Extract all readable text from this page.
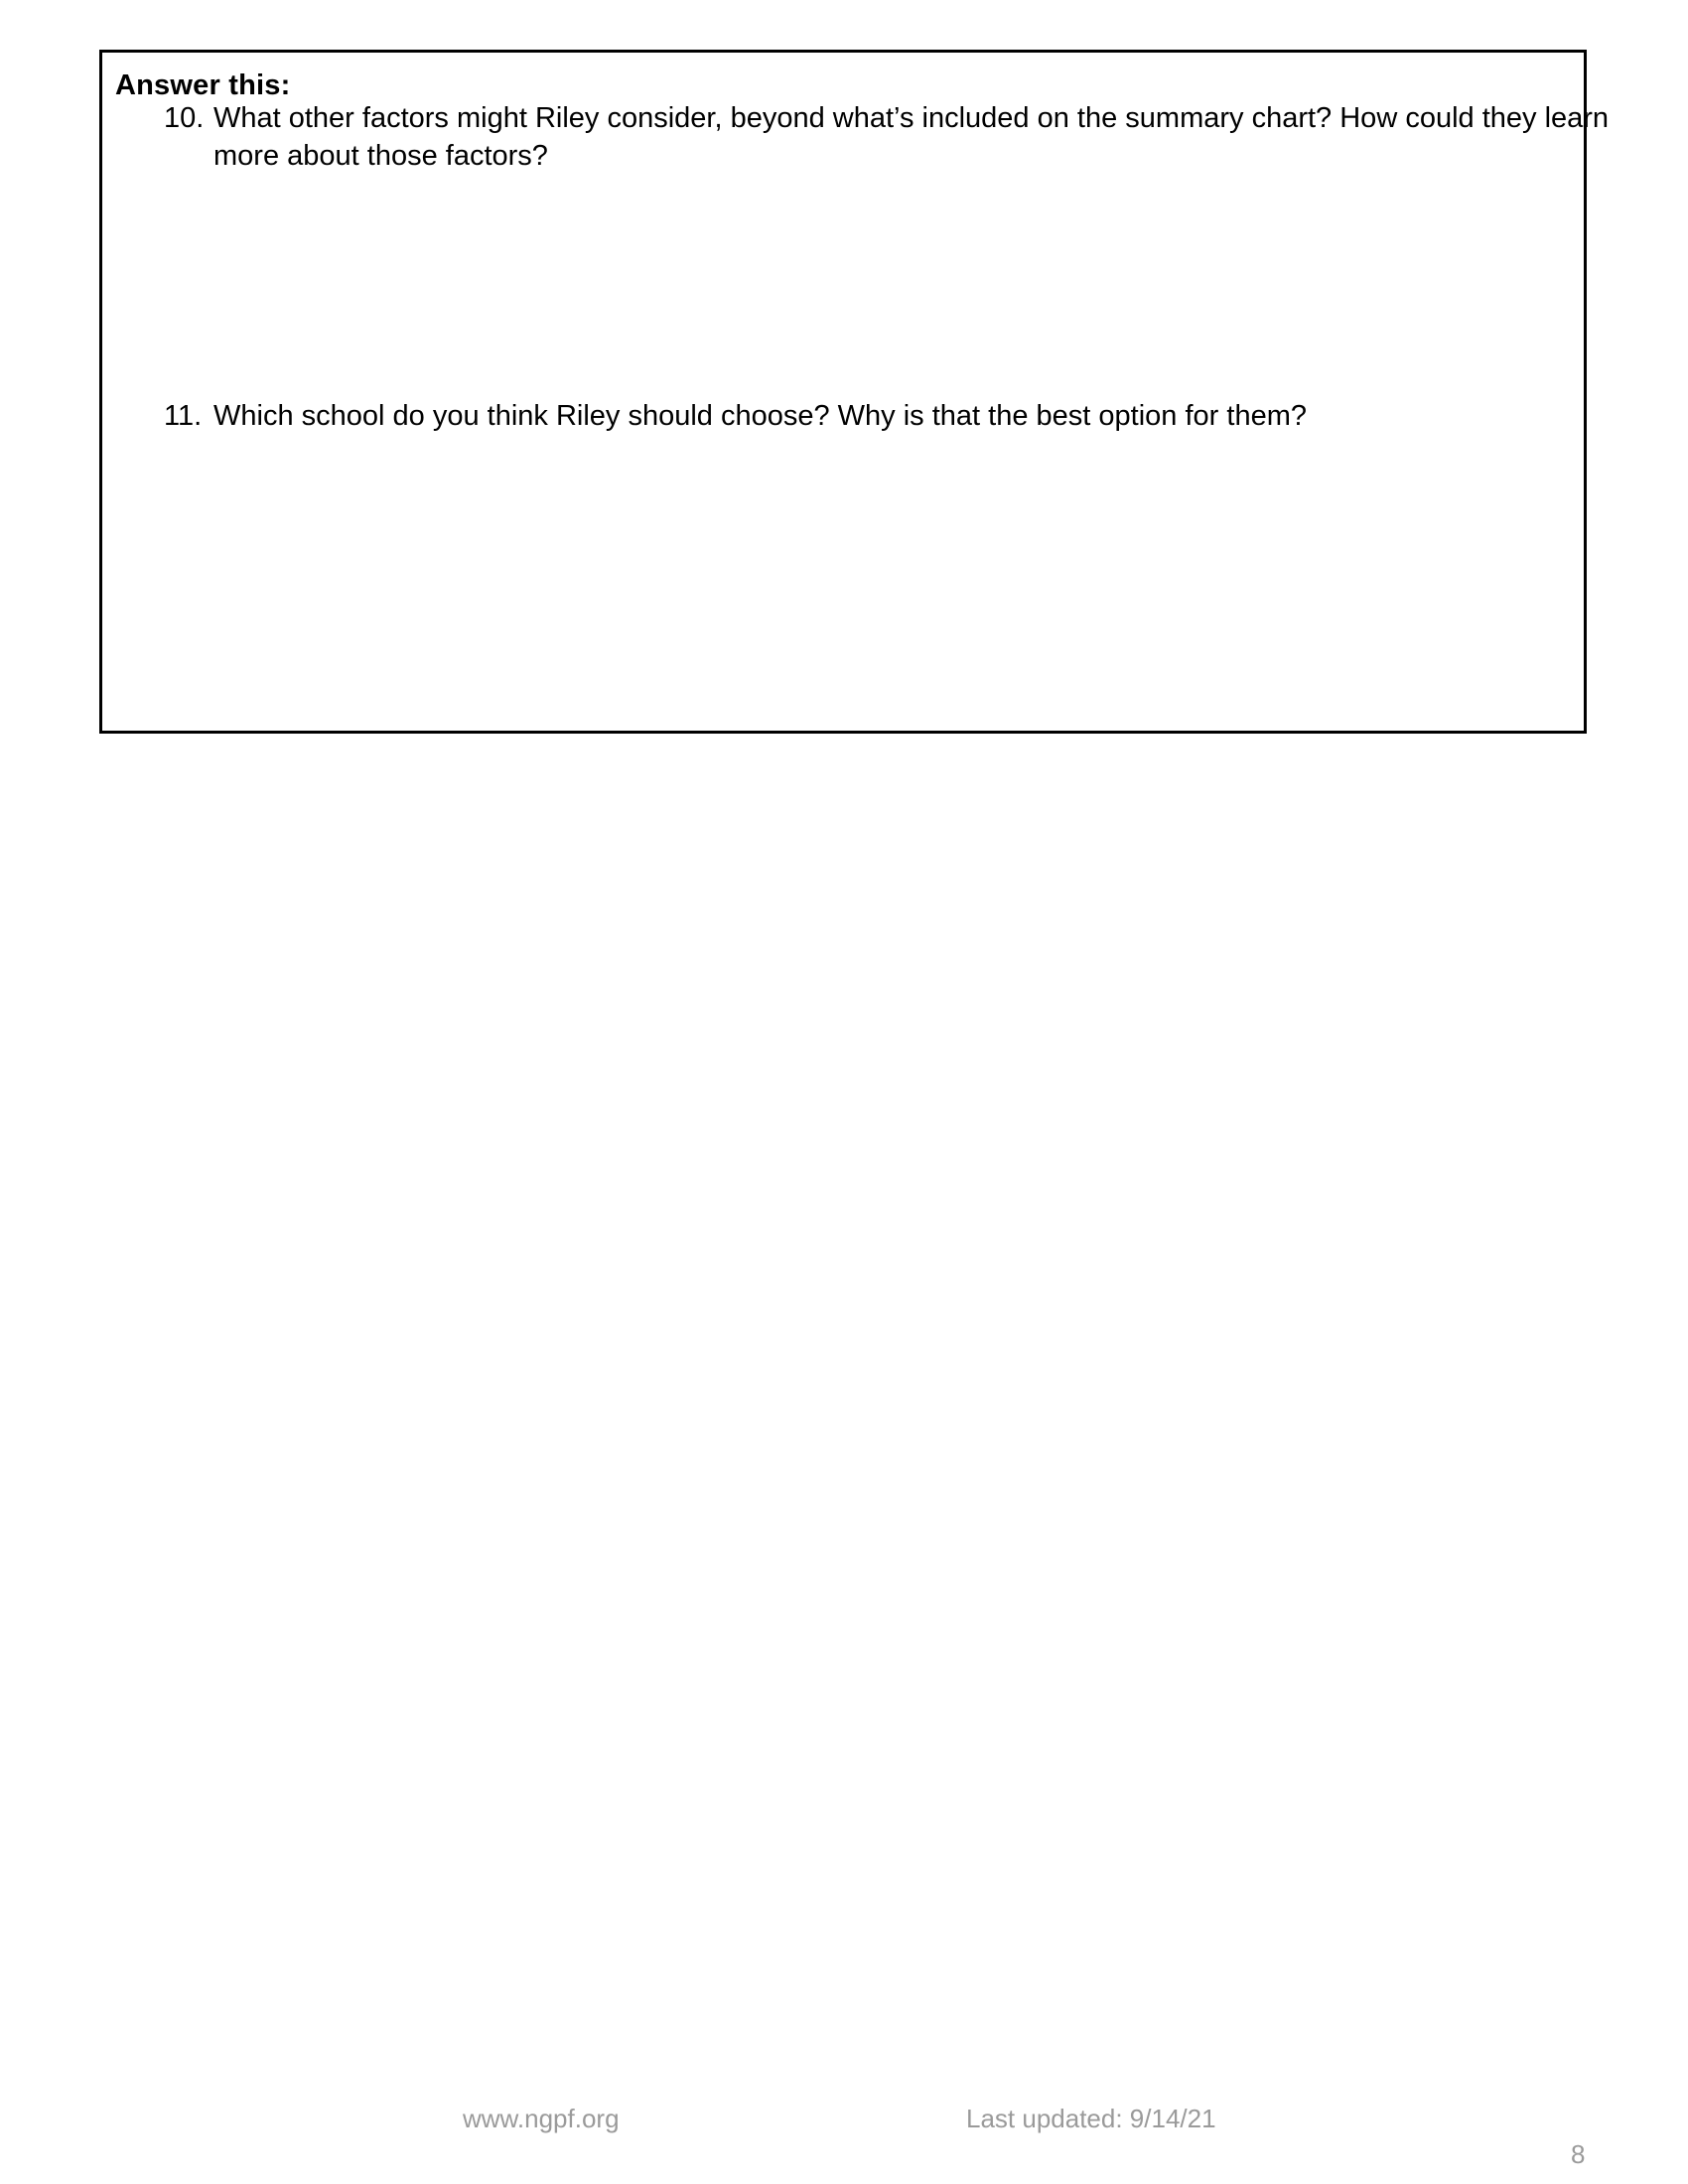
Answer this:
10. What other factors might Riley consider, beyond what’s included on the summary chart? How could they learn more about those factors?
11. Which school do you think Riley should choose? Why is that the best option for them?
www.ngpf.org	Last updated: 9/14/21
8
